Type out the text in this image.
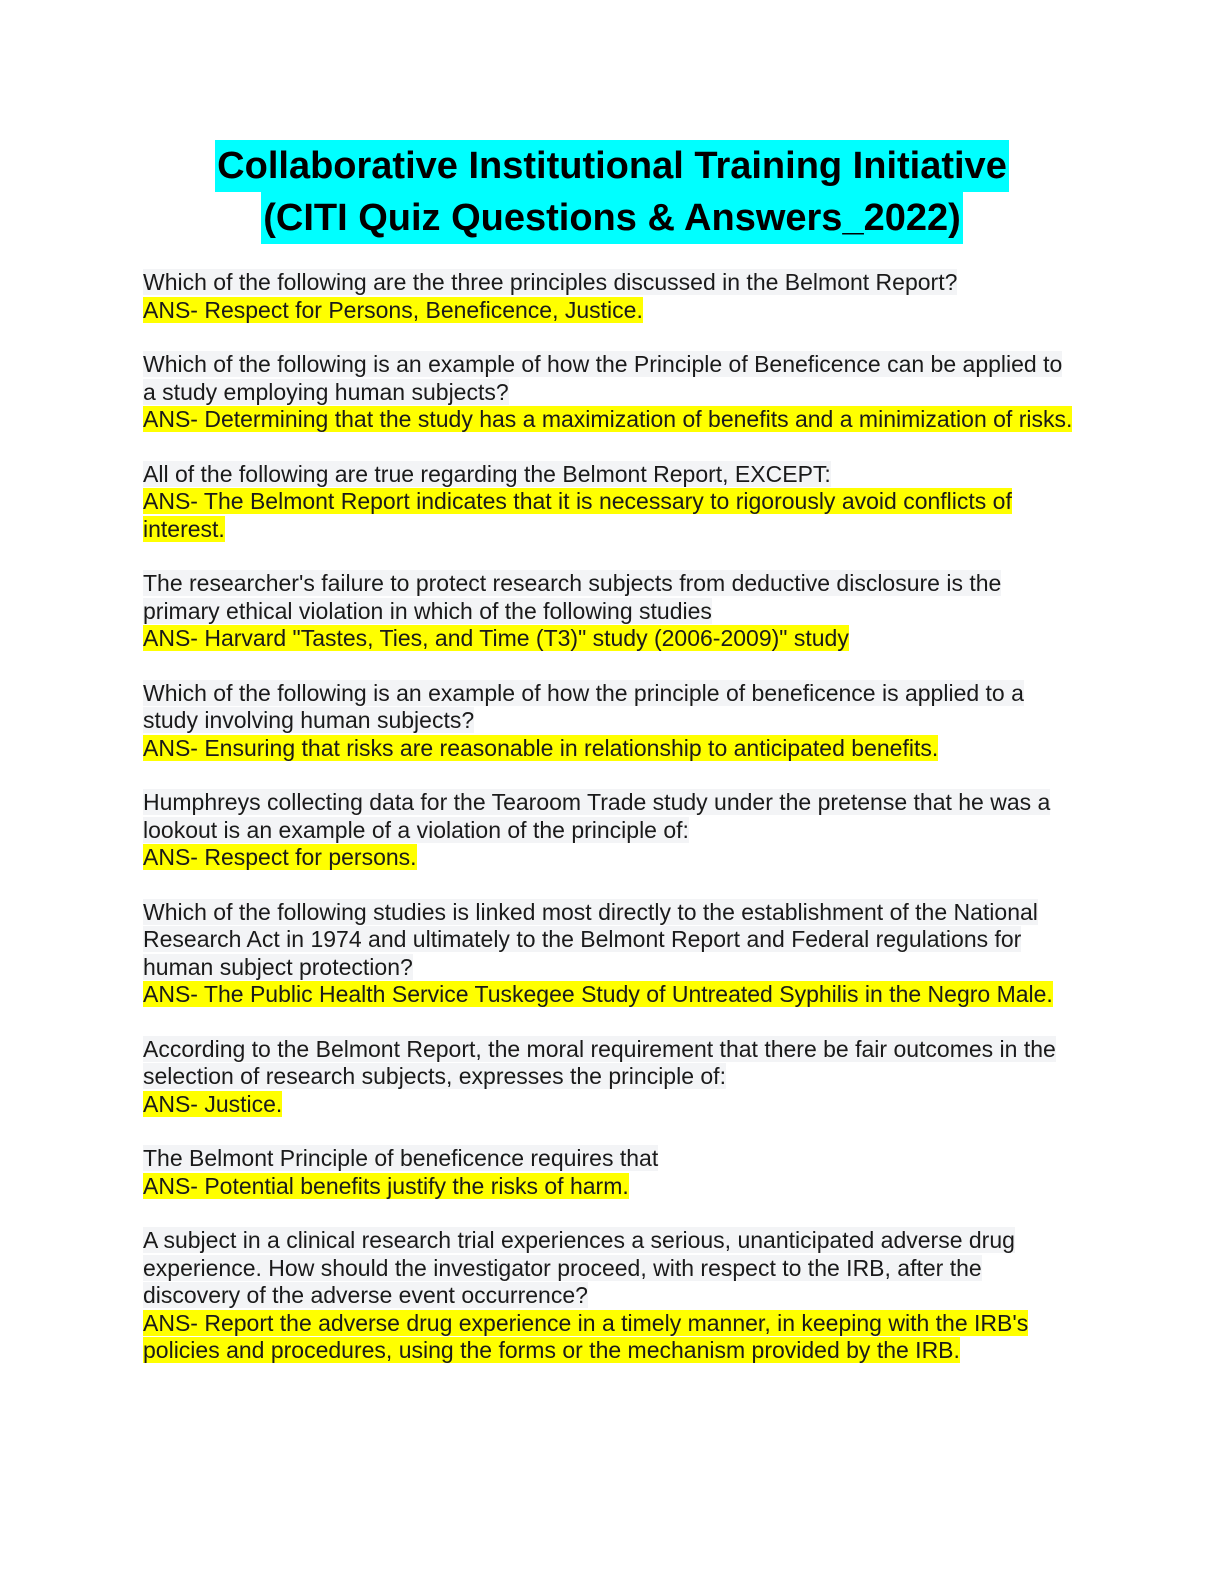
Collaborative Institutional Training Initiative
(CITI Quiz Questions & Answers_2022)

Which of the following are the three principles discussed in the Belmont Report?

ANS- Respect for Persons, Beneficence, Justice.

Which of the following is an example of how the Principle of Beneficence can be applied to a study employing human subjects?

ANS- Determining that the study has a maximization of benefits and a minimization of risks.

All of the following are true regarding the Belmont Report, EXCEPT:

ANS- The Belmont Report indicates that it is necessary to rigorously avoid conflicts of interest.

The researcher's failure to protect research subjects from deductive disclosure is the primary ethical violation in which of the following studies

ANS- Harvard "Tastes, Ties, and Time (T3)" study (2006-2009)" study

Which of the following is an example of how the principle of beneficence is applied to a study involving human subjects?

ANS- Ensuring that risks are reasonable in relationship to anticipated benefits.

Humphreys collecting data for the Tearoom Trade study under the pretense that he was a lookout is an example of a violation of the principle of:

ANS- Respect for persons.

Which of the following studies is linked most directly to the establishment of the National Research Act in 1974 and ultimately to the Belmont Report and Federal regulations for human subject protection?

ANS- The Public Health Service Tuskegee Study of Untreated Syphilis in the Negro Male.

According to the Belmont Report, the moral requirement that there be fair outcomes in the selection of research subjects, expresses the principle of:

ANS- Justice.

The Belmont Principle of beneficence requires that

ANS- Potential benefits justify the risks of harm.

A subject in a clinical research trial experiences a serious, unanticipated adverse drug experience. How should the investigator proceed, with respect to the IRB, after the discovery of the adverse event occurrence?

ANS- Report the adverse drug experience in a timely manner, in keeping with the IRB's policies and procedures, using the forms or the mechanism provided by the IRB.
